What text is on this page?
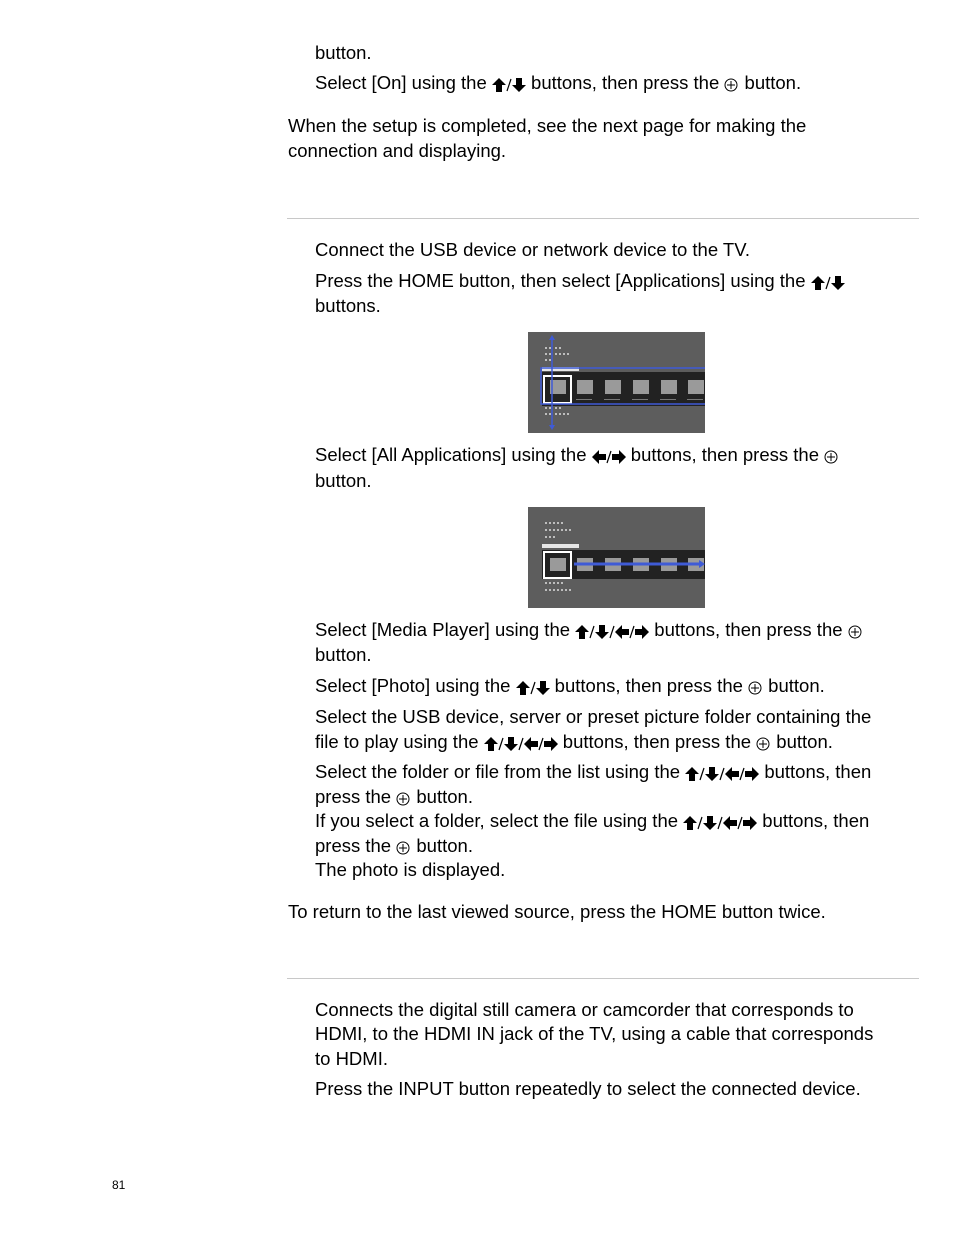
button.
Select [On] using the
buttons, then press the
button.
When the setup is completed, see the next page for making the
connection and displaying.
Connect the USB device or network device to the TV.
Press the HOME button, then select [Applications] using the
buttons.
Select [All Applications] using the
buttons, then press the
button.
Select [Media Player] using the	buttons, then press the
button.
Select [Photo] using the
buttons, then press the
button.
Select the USB device, server or preset picture folder containing the
file to play using the	buttons, then press the
button.
Select the folder or file from the list using the	buttons, then
press the
button.
If you select a folder, select the file using the	buttons, then
press the
button.
The photo is displayed.
To return to the last viewed source, press the HOME button twice.
Connects the digital still camera or camcorder that corresponds to
HDMI, to the HDMI IN jack of the TV, using a cable that corresponds
to HDMI.
Press the INPUT button repeatedly to select the connected device.
81
